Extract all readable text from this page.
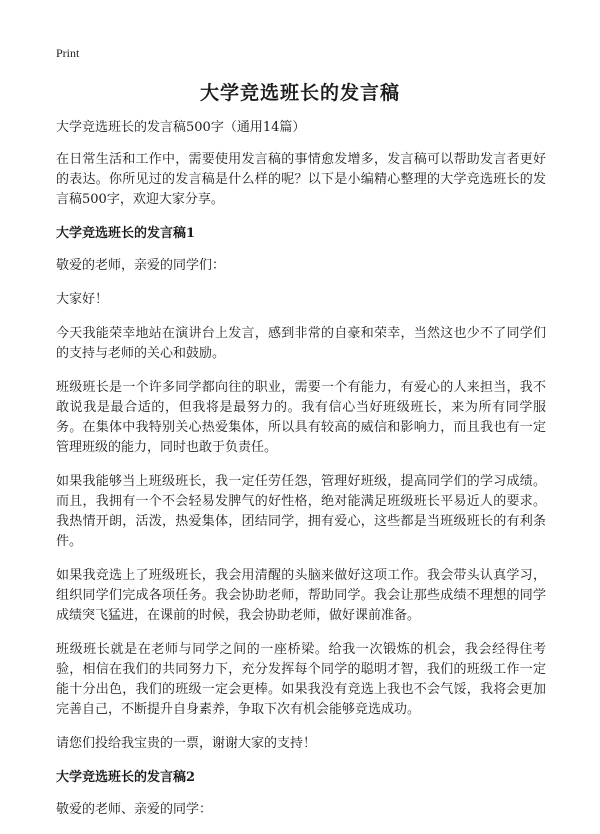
Print
大学竞选班长的发言稿

大学竞选班长的发言稿500字（通用14篇）

在日常生活和工作中，需要使用发言稿的事情愈发增多，发言稿可以帮助发言者更好的表达。你所见过的发言稿是什么样的呢？以下是小编精心整理的大学竞选班长的发言稿500字，欢迎大家分享。

大学竞选班长的发言稿1

敬爱的老师，亲爱的同学们：

大家好！

今天我能荣幸地站在演讲台上发言，感到非常的自豪和荣幸，当然这也少不了同学们的支持与老师的关心和鼓励。

班级班长是一个许多同学都向往的职业，需要一个有能力，有爱心的人来担当，我不敢说我是最合适的，但我将是最努力的。我有信心当好班级班长，来为所有同学服务。在集体中我特别关心热爱集体，所以具有较高的威信和影响力，而且我也有一定管理班级的能力，同时也敢于负责任。

如果我能够当上班级班长，我一定任劳任怨，管理好班级，提高同学们的学习成绩。而且，我拥有一个不会轻易发脾气的好性格，绝对能满足班级班长平易近人的要求。我热情开朗，活泼，热爱集体，团结同学，拥有爱心，这些都是当班级班长的有利条件。

如果我竞选上了班级班长，我会用清醒的头脑来做好这项工作。我会带头认真学习，组织同学们完成各项任务。我会协助老师，帮助同学。我会让那些成绩不理想的同学成绩突飞猛进，在课前的时候，我会协助老师，做好课前准备。

班级班长就是在老师与同学之间的一座桥梁。给我一次锻炼的机会，我会经得住考验，相信在我们的共同努力下，充分发挥每个同学的聪明才智，我们的班级工作一定能十分出色，我们的班级一定会更棒。如果我没有竞选上我也不会气馁，我将会更加完善自己，不断提升自身素养，争取下次有机会能够竞选成功。

请您们投给我宝贵的一票，谢谢大家的支持！

大学竞选班长的发言稿2

敬爱的老师、亲爱的同学：
